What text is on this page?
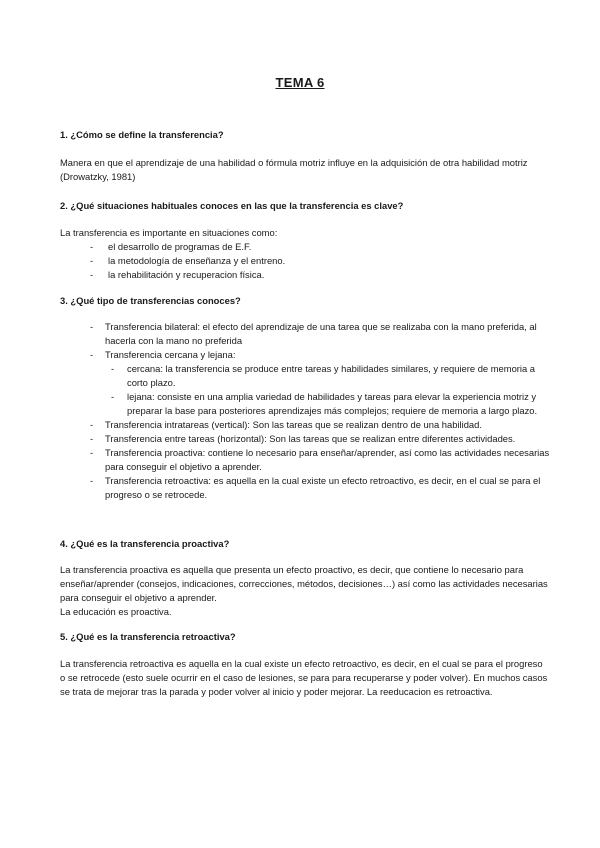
TEMA 6

1. ¿Cómo se define la transferencia?

Manera en que el aprendizaje de una habilidad o fórmula motriz influye en la adquisición de otra habilidad motriz (Drowatzky, 1981)

2. ¿Qué situaciones habituales conoces en las que la transferencia es clave?

La transferencia es importante en situaciones como:

- el desarrollo de programas de E.F.
- la metodología de enseñanza y el entreno.
- la rehabilitación y recuperacion física.

3. ¿Qué tipo de transferencias conoces?

- Transferencia bilateral: el efecto del aprendizaje de una tarea que se realizaba con la mano preferida, al hacerla con la mano no preferida
- Transferencia cercana y lejana:
- cercana: la transferencia se produce entre tareas y habilidades similares, y requiere de memoria a corto plazo.
- lejana: consiste en una amplia variedad de habilidades y tareas para elevar la experiencia motriz y preparar la base para posteriores aprendizajes más complejos; requiere de memoria a largo plazo.
- Transferencia intratareas (vertical): Son las tareas que se realizan dentro de una habilidad.
- Transferencia entre tareas (horizontal): Son las tareas que se realizan entre diferentes actividades.
- Transferencia proactiva: contiene lo necesario para enseñar/aprender, así como las actividades necesarias para conseguir el objetivo a aprender.
- Transferencia retroactiva: es aquella en la cual existe un efecto retroactivo, es decir, en el cual se para el progreso o se retrocede.

4. ¿Qué es la transferencia proactiva?

La transferencia proactiva es aquella que presenta un efecto proactivo, es decir, que contiene lo necesario para enseñar/aprender (consejos, indicaciones, correcciones, métodos, decisiones…) así como las actividades necesarias para conseguir el objetivo a aprender.

La educación es proactiva.

5. ¿Qué es la transferencia retroactiva?

La transferencia retroactiva es aquella en la cual existe un efecto retroactivo, es decir, en el cual se para el progreso o se retrocede (esto suele ocurrir en el caso de lesiones, se para para recuperarse y poder volver). En muchos casos se trata de mejorar tras la parada y poder volver al inicio y poder mejorar. La reeducacion es retroactiva.
